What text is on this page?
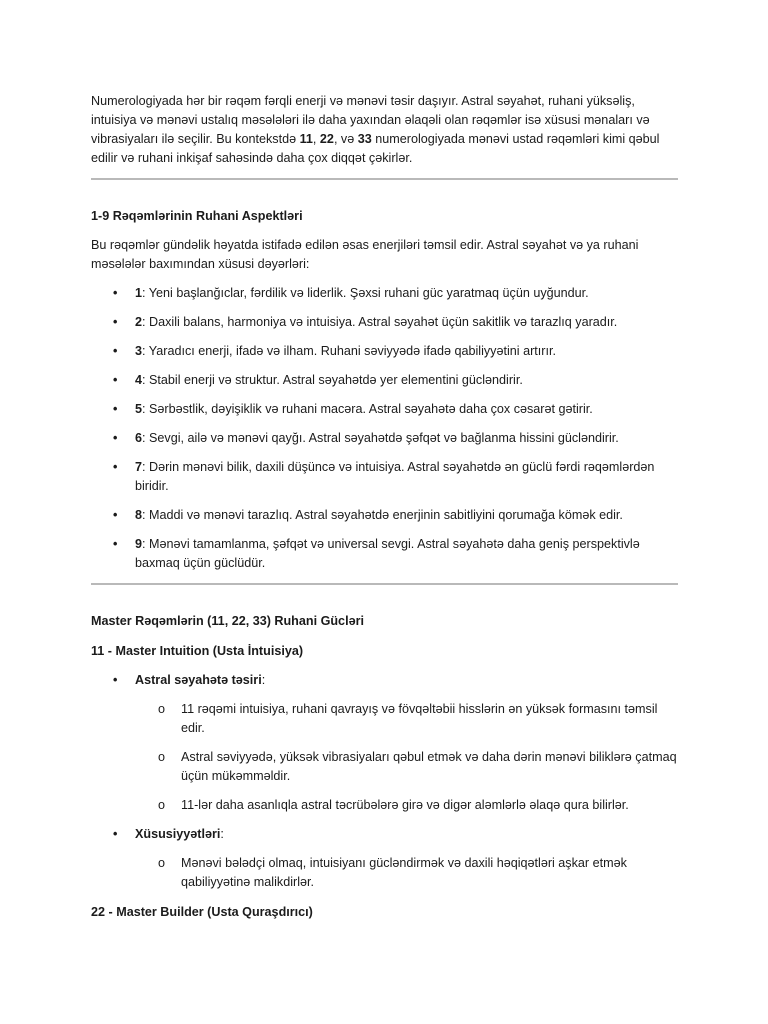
Numerologiyada hər bir rəqəm fərqli enerji və mənəvi təsir daşıyır. Astral səyahət, ruhani yüksəliş, intuisiya və mənəvi ustalıq məsələləri ilə daha yaxından əlaqəli olan rəqəmlər isə xüsusi mənaları və vibrasiyaları ilə seçilir. Bu kontekstdə 11, 22, və 33 numerologiyada mənəvi ustad rəqəmləri kimi qəbul edilir və ruhani inkişaf sahəsində daha çox diqqət çəkirlər.
1-9 Rəqəmlərinin Ruhani Aspektləri
Bu rəqəmlər gündəlik həyatda istifadə edilən əsas enerjiləri təmsil edir. Astral səyahət və ya ruhani məsələlər baxımından xüsusi dəyərləri:
• 1: Yeni başlanğıclar, fərdilik və liderlik. Şəxsi ruhani güc yaratmaq üçün uyğundur.
• 2: Daxili balans, harmoniya və intuisiya. Astral səyahət üçün sakitlik və tarazlıq yaradır.
• 3: Yaradıcı enerji, ifadə və ilham. Ruhani səviyyədə ifadə qabiliyyətini artırır.
• 4: Stabil enerji və struktur. Astral səyahətdə yer elementini gücləndirir.
• 5: Sərbəstlik, dəyişiklik və ruhani macəra. Astral səyahətə daha çox cəsarət gətirir.
• 6: Sevgi, ailə və mənəvi qayğı. Astral səyahətdə şəfqət və bağlanma hissini gücləndirir.
• 7: Dərin mənəvi bilik, daxili düşüncə və intuisiya. Astral səyahətdə ən güclü fərdi rəqəmlərdən biridir.
• 8: Maddi və mənəvi tarazlıq. Astral səyahətdə enerjinin sabitliyini qorumağa kömək edir.
• 9: Mənəvi tamamlanma, şəfqət və universal sevgi. Astral səyahətə daha geniş perspektivlə baxmaq üçün güclüdür.
Master Rəqəmlərin (11, 22, 33) Ruhani Gücləri
11 - Master Intuition (Usta İntuisiya)
• Astral səyahətə təsiri:
o 11 rəqəmi intuisiya, ruhani qavrayış və fövqəltəbii hisslərin ən yüksək formasını təmsil edir.
o Astral səviyyədə, yüksək vibrasiyaları qəbul etmək və daha dərin mənəvi biliklərə çatmaq üçün mükəmməldir.
o 11-lər daha asanlıqla astral təcrübələrə girə və digər aləmlərlə əlaqə qura bilirlər.
• Xüsusiyyətləri:
o Mənəvi bələdçi olmaq, intuisiyanı gücləndirmək və daxili həqiqətləri aşkar etmək qabiliyyətinə malikdirlər.
22 - Master Builder (Usta Quraşdırıcı)
